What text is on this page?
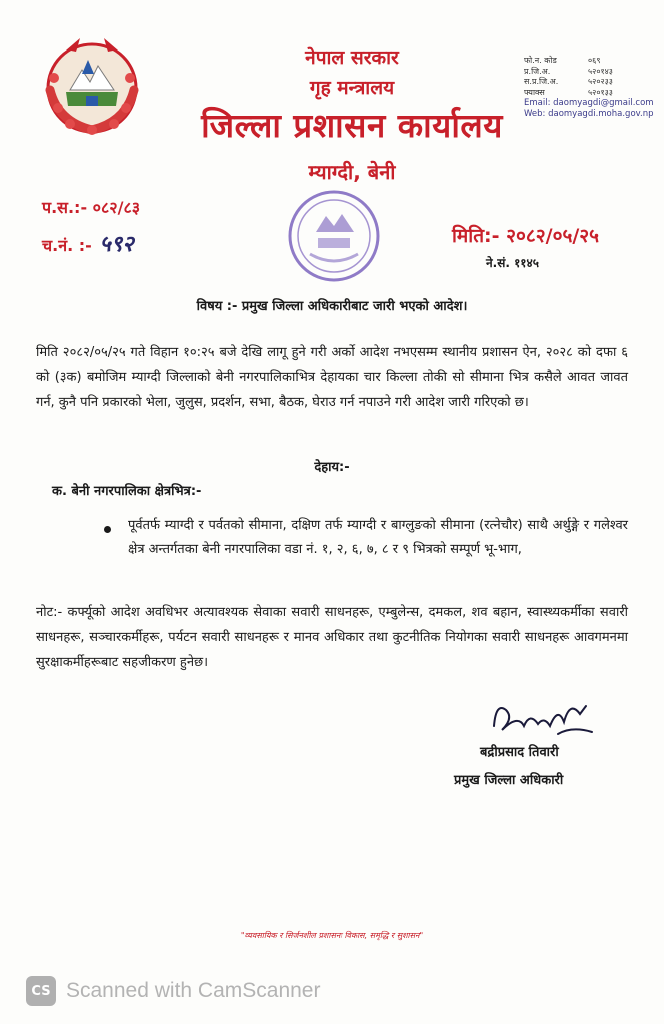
नेपाल सरकार
गृह मन्त्रालय
जिल्ला प्रशासन कार्यालय
म्याग्दी, बेनी
फो.न. कोड	०६९
प्र.जि.अ.	५२०१४३
स.प्र.जि.अ.	५२०२३३
फ्याक्स	५२०१३३
Email: daomyagdi@gmail.com
Web: daomyagdi.moha.gov.np
प.स.:- ०८२/८३
च.नं. :- ५९२	मिति:- २०८२/०५/२५
ने.सं. ११४५
विषय :- प्रमुख जिल्ला अधिकारीबाट जारी भएको आदेश।
मिति २०८२/०५/२५ गते विहान १०:२५ बजे देखि लागू हुने गरी अर्को आदेश नभएसम्म स्थानीय प्रशासन ऐन, २०२८ को दफा ६ को (३क) बमोजिम म्याग्दी जिल्लाको बेनी नगरपालिकाभित्र देहायका चार किल्ला तोकी सो सीमाना भित्र कसैले आवत जावत गर्न, कुनै पनि प्रकारको भेला, जुलुस, प्रदर्शन, सभा, बैठक, घेराउ गर्न नपाउने गरी आदेश जारी गरिएको छ।
देहाय:-
क. बेनी नगरपालिका क्षेत्रभित्र:-
पूर्वतर्फ म्याग्दी र पर्वतको सीमाना, दक्षिण तर्फ म्याग्दी र बाग्लुङको सीमाना (रत्नेचौर) साथै अर्थुङ्गे र गलेश्वर क्षेत्र अन्तर्गतका बेनी नगरपालिका वडा नं. १, २, ६, ७, ८ र ९ भित्रको सम्पूर्ण भू-भाग,
नोट:- कर्फ्यूको आदेश अवधिभर अत्यावश्यक सेवाका सवारी साधनहरू, एम्बुलेन्स, दमकल, शव बहान, स्वास्थ्यकर्मीका सवारी साधनहरू, सञ्चारकर्मीहरू, पर्यटन सवारी साधनहरू र मानव अधिकार तथा कुटनीतिक नियोगका सवारी साधनहरू आवगमनमा सुरक्षाकर्मीहरूबाट सहजीकरण हुनेछ।
बद्रीप्रसाद तिवारी
प्रमुख जिल्ला अधिकारी
"व्यवसायिक र सिर्जनशील प्रशासनः विकास, समृद्धि र सुशासन"
CS Scanned with CamScanner
